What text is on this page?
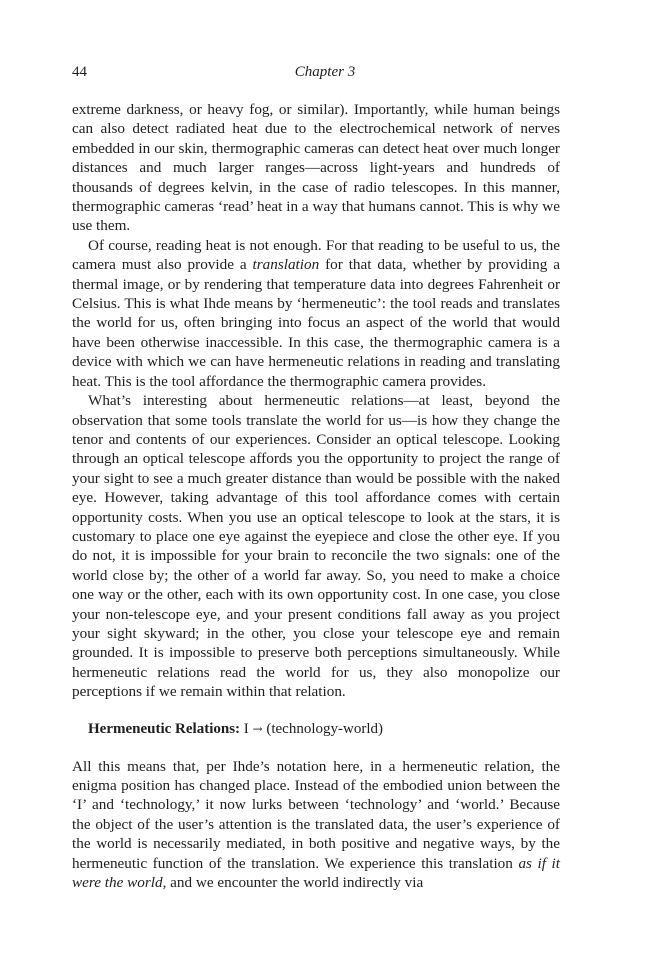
44	Chapter 3

extreme darkness, or heavy fog, or similar). Importantly, while human beings can also detect radiated heat due to the electrochemical network of nerves embedded in our skin, thermographic cameras can detect heat over much longer distances and much larger ranges—across light-years and hundreds of thousands of degrees kelvin, in the case of radio telescopes. In this manner, thermographic cameras ‘read’ heat in a way that humans cannot. This is why we use them.

Of course, reading heat is not enough. For that reading to be useful to us, the camera must also provide a translation for that data, whether by providing a thermal image, or by rendering that temperature data into degrees Fahrenheit or Celsius. This is what Ihde means by ‘hermeneutic’: the tool reads and translates the world for us, often bringing into focus an aspect of the world that would have been otherwise inaccessible. In this case, the thermographic camera is a device with which we can have hermeneutic relations in reading and translating heat. This is the tool affordance the thermographic camera provides.

What’s interesting about hermeneutic relations—at least, beyond the observation that some tools translate the world for us—is how they change the tenor and contents of our experiences. Consider an optical telescope. Looking through an optical telescope affords you the opportunity to project the range of your sight to see a much greater distance than would be possible with the naked eye. However, taking advantage of this tool affordance comes with certain opportunity costs. When you use an optical telescope to look at the stars, it is customary to place one eye against the eyepiece and close the other eye. If you do not, it is impossible for your brain to reconcile the two signals: one of the world close by; the other of a world far away. So, you need to make a choice one way or the other, each with its own opportunity cost. In one case, you close your non-telescope eye, and your present conditions fall away as you project your sight skyward; in the other, you close your telescope eye and remain grounded. It is impossible to preserve both perceptions simultaneously. While hermeneutic relations read the world for us, they also monopolize our perceptions if we remain within that relation.

Hermeneutic Relations: I → (technology-world)

All this means that, per Ihde’s notation here, in a hermeneutic relation, the enigma position has changed place. Instead of the embodied union between the ‘I’ and ‘technology,’ it now lurks between ‘technology’ and ‘world.’ Because the object of the user’s attention is the translated data, the user’s experience of the world is necessarily mediated, in both positive and negative ways, by the hermeneutic function of the translation. We experience this translation as if it were the world, and we encounter the world indirectly via
